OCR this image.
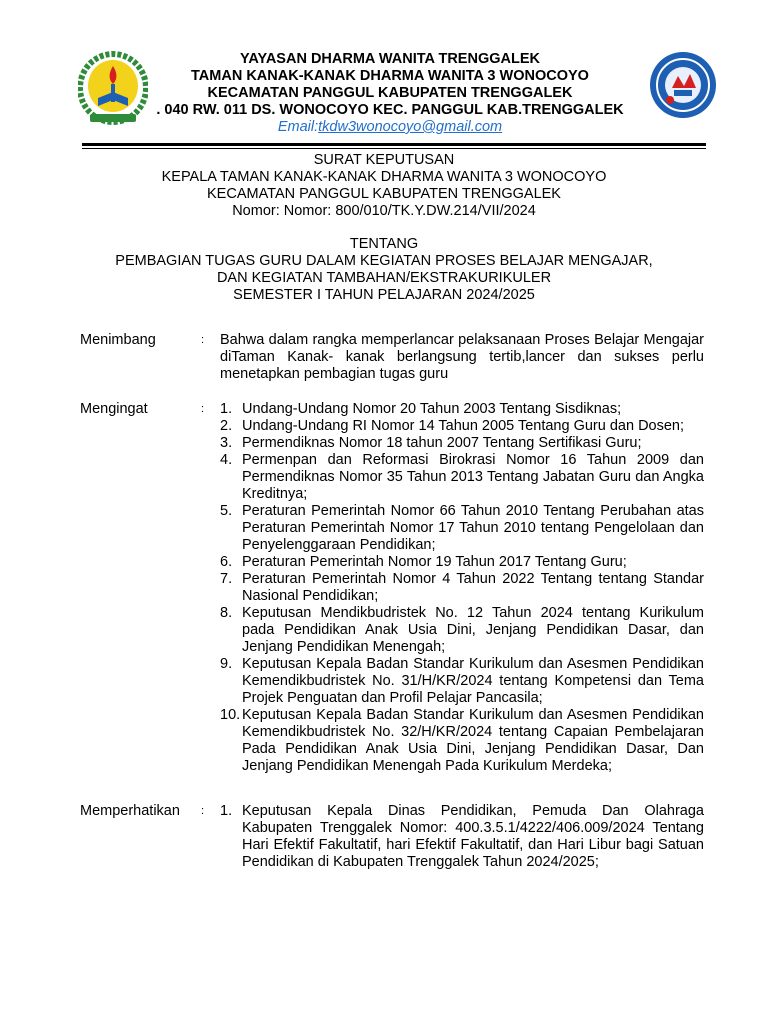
YAYASAN DHARMA WANITA TRENGGALEK
TAMAN KANAK-KANAK DHARMA WANITA 3 WONOCOYO
KECAMATAN PANGGUL KABUPATEN TRENGGALEK
. 040 RW. 011 DS. WONOCOYO KEC. PANGGUL KAB.TRENGGALEK
Email:tkdw3wonocoyo@gmail.com
SURAT KEPUTUSAN
KEPALA TAMAN KANAK-KANAK DHARMA WANITA 3 WONOCOYO
KECAMATAN PANGGUL KABUPATEN TRENGGALEK
Nomor: Nomor: 800/010/TK.Y.DW.214/VII/2024
TENTANG
PEMBAGIAN TUGAS GURU DALAM KEGIATAN PROSES BELAJAR MENGAJAR,
DAN KEGIATAN TAMBAHAN/EKSTRAKURIKULER
SEMESTER I TAHUN PELAJARAN 2024/2025
Menimbang	: Bahwa dalam rangka memperlancar pelaksanaan Proses Belajar Mengajar diTaman Kanak- kanak berlangsung tertib,lancer dan sukses perlu menetapkan pembagian tugas guru
Mengingat	: 1. Undang-Undang Nomor 20 Tahun 2003 Tentang Sisdiknas;
2. Undang-Undang RI Nomor 14 Tahun 2005 Tentang Guru dan Dosen;
3. Permendiknas Nomor 18 tahun 2007 Tentang Sertifikasi Guru;
4. Permenpan dan Reformasi Birokrasi Nomor 16 Tahun 2009 dan Permendiknas Nomor 35 Tahun 2013 Tentang Jabatan Guru dan Angka Kreditnya;
5. Peraturan Pemerintah Nomor 66 Tahun 2010 Tentang Perubahan atas Peraturan Pemerintah Nomor 17 Tahun 2010 tentang Pengelolaan dan Penyelenggaraan Pendidikan;
6. Peraturan Pemerintah Nomor 19 Tahun 2017 Tentang Guru;
7. Peraturan Pemerintah Nomor 4 Tahun 2022 Tentang tentang Standar Nasional Pendidikan;
8. Keputusan Mendikbudristek No. 12 Tahun 2024 tentang Kurikulum pada Pendidikan Anak Usia Dini, Jenjang Pendidikan Dasar, dan Jenjang Pendidikan Menengah;
9. Keputusan Kepala Badan Standar Kurikulum dan Asesmen Pendidikan Kemendikbudristek No. 31/H/KR/2024 tentang Kompetensi dan Tema Projek Penguatan dan Profil Pelajar Pancasila;
10. Keputusan Kepala Badan Standar Kurikulum dan Asesmen Pendidikan Kemendikbudristek No. 32/H/KR/2024 tentang Capaian Pembelajaran Pada Pendidikan Anak Usia Dini, Jenjang Pendidikan Dasar, Dan Jenjang Pendidikan Menengah Pada Kurikulum Merdeka;
Memperhatikan : 1. Keputusan Kepala Dinas Pendidikan, Pemuda Dan Olahraga Kabupaten Trenggalek Nomor: 400.3.5.1/4222/406.009/2024 Tentang Hari Efektif Fakultatif, hari Efektif Fakultatif, dan Hari Libur bagi Satuan Pendidikan di Kabupaten Trenggalek Tahun 2024/2025;
